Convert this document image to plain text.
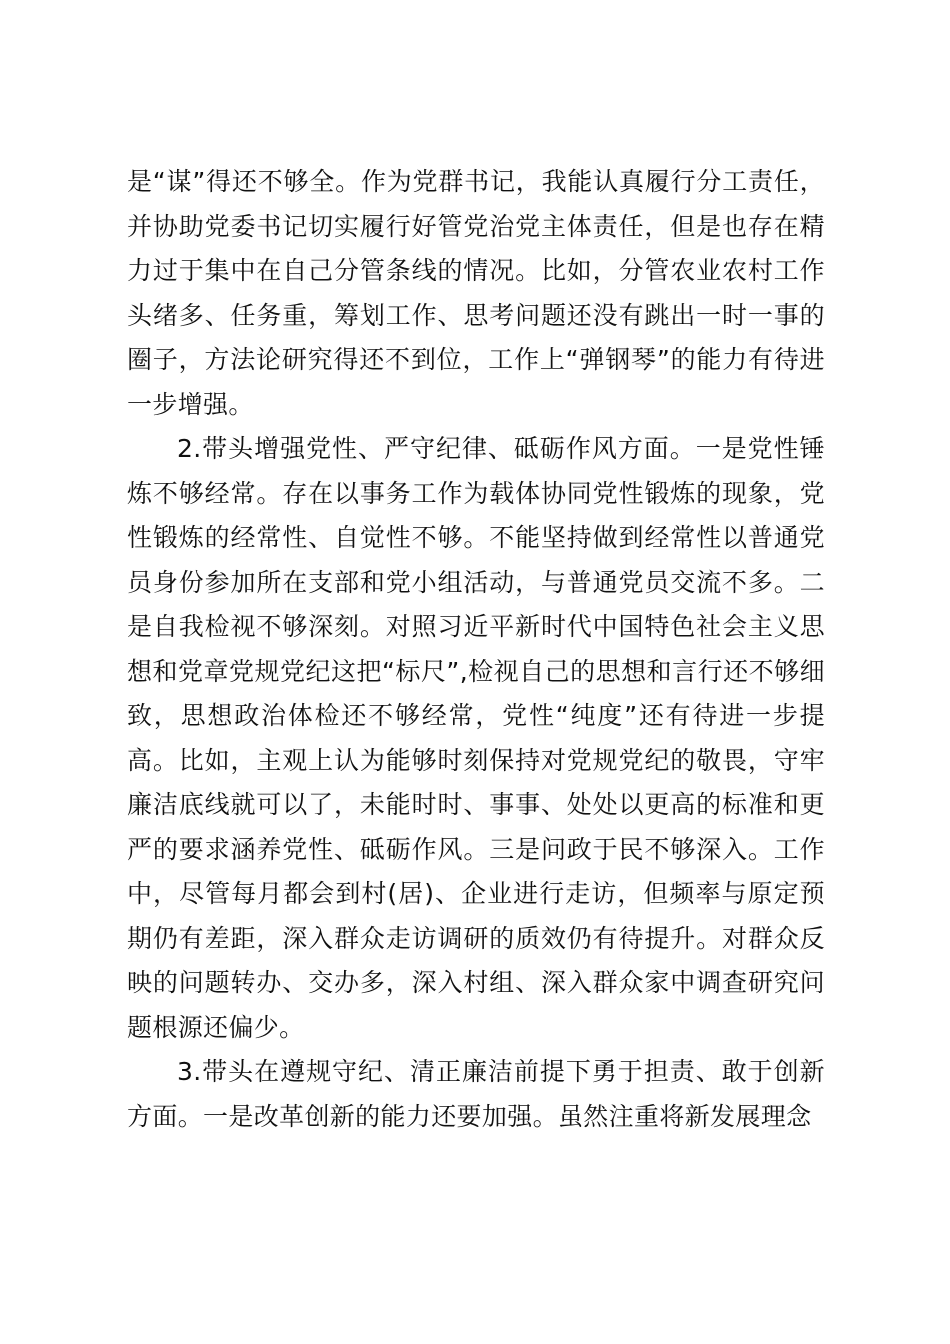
是“谋”得还不够全。作为党群书记，我能认真履行分工责任，并协助党委书记切实履行好管党治党主体责任，但是也存在精力过于集中在自己分管条线的情况。比如，分管农业农村工作头绪多、任务重，筹划工作、思考问题还没有跳出一时一事的圈子，方法论研究得还不到位，工作上“弹钢琴”的能力有待进一步增强。

2.带头增强党性、严守纪律、砥砺作风方面。一是党性锤炼不够经常。存在以事务工作为载体协同党性锻炼的现象，党性锻炼的经常性、自觉性不够。不能坚持做到经常性以普通党员身份参加所在支部和党小组活动，与普通党员交流不多。二是自我检视不够深刻。对照习近平新时代中国特色社会主义思想和党章党规党纪这把“标尺”,检视自己的思想和言行还不够细致，思想政治体检还不够经常，党性“纯度”还有待进一步提高。比如，主观上认为能够时刻保持对党规党纪的敬畏，守牢廉洁底线就可以了，未能时时、事事、处处以更高的标准和更严的要求涵养党性、砥砺作风。三是问政于民不够深入。工作中，尽管每月都会到村(居)、企业进行走访，但频率与原定预期仍有差距，深入群众走访调研的质效仍有待提升。对群众反映的问题转办、交办多，深入村组、深入群众家中调查研究问题根源还偏少。

3.带头在遵规守纪、清正廉洁前提下勇于担责、敢于创新方面。一是改革创新的能力还要加强。虽然注重将新发展理念
